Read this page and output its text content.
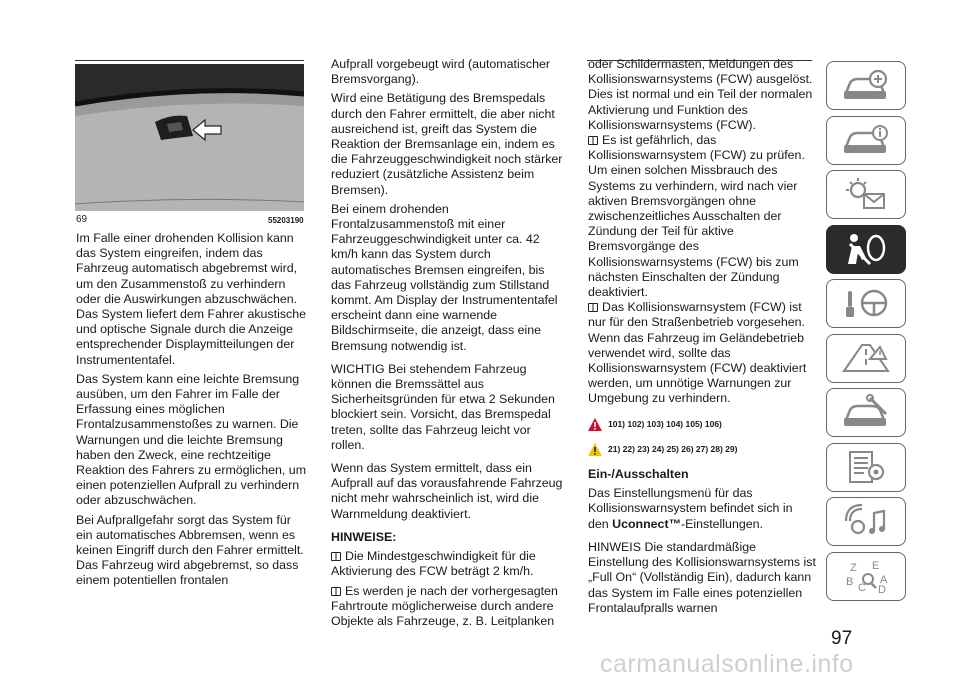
69	55203190

Im Falle einer drohenden Kollision kann das System eingreifen, indem das Fahrzeug automatisch abgebremst wird, um den Zusammenstoß zu verhindern oder die Auswirkungen abzuschwächen. Das System liefert dem Fahrer akustische und optische Signale durch die Anzeige entsprechender Displaymitteilungen der Instrumententafel.

Das System kann eine leichte Bremsung ausüben, um den Fahrer im Falle der Erfassung eines möglichen Frontalzusammenstoßes zu warnen. Die Warnungen und die leichte Bremsung haben den Zweck, eine rechtzeitige Reaktion des Fahrers zu ermöglichen, um einen potenziellen Aufprall zu verhindern oder abzuschwächen.

Bei Aufprallgefahr sorgt das System für ein automatisches Abbremsen, wenn es keinen Eingriff durch den Fahrer ermittelt. Das Fahrzeug wird abgebremst, so dass einem potentiellen frontalen

Aufprall vorgebeugt wird (automatischer Bremsvorgang).

Wird eine Betätigung des Bremspedals durch den Fahrer ermittelt, die aber nicht ausreichend ist, greift das System die Reaktion der Bremsanlage ein, indem es die Fahrzeuggeschwindigkeit noch stärker reduziert (zusätzliche Assistenz beim Bremsen).

Bei einem drohenden Frontalzusammenstoß mit einer Fahrzeuggeschwindigkeit unter ca. 42 km/h kann das System durch automatisches Bremsen eingreifen, bis das Fahrzeug vollständig zum Stillstand kommt. Am Display der Instrumententafel erscheint dann eine warnende Bildschirmseite, die anzeigt, dass eine Bremsung notwendig ist.

WICHTIG Bei stehendem Fahrzeug können die Bremssättel aus Sicherheitsgründen für etwa 2 Sekunden blockiert sein. Vorsicht, das Bremspedal treten, sollte das Fahrzeug leicht vor rollen.

Wenn das System ermittelt, dass ein Aufprall auf das vorausfahrende Fahrzeug nicht mehr wahrscheinlich ist, wird die Warnmeldung deaktiviert.

HINWEISE:

Die Mindestgeschwindigkeit für die Aktivierung des FCW beträgt 2 km/h.

Es werden je nach der vorhergesagten Fahrtroute möglicherweise durch andere Objekte als Fahrzeuge, z. B. Leitplanken

oder Schildermasten, Meldungen des Kollisionswarnsystems (FCW) ausgelöst. Dies ist normal und ein Teil der normalen Aktivierung und Funktion des Kollisionswarnsystems (FCW).

Es ist gefährlich, das Kollisionswarnsystem (FCW) zu prüfen. Um einen solchen Missbrauch des Systems zu verhindern, wird nach vier aktiven Bremsvorgängen ohne zwischenzeitliches Ausschalten der Zündung der Teil für aktive Bremsvorgänge des Kollisionswarnsystems (FCW) bis zum nächsten Einschalten der Zündung deaktiviert.

Das Kollisionswarnsystem (FCW) ist nur für den Straßenbetrieb vorgesehen. Wenn das Fahrzeug im Geländebetrieb verwendet wird, sollte das Kollisionswarnsystem (FCW) deaktiviert werden, um unnötige Warnungen zur Umgebung zu verhindern.

101) 102) 103) 104) 105) 106)
21) 22) 23) 24) 25) 26) 27) 28) 29)

Ein-/Ausschalten

Das Einstellungsmenü für das Kollisionswarnsystem befindet sich in den Uconnect™-Einstellungen.

HINWEIS Die standardmäßige Einstellung des Kollisionswarnsystems ist „Full On“ (Vollständig Ein), dadurch kann das System im Falle eines potenziellen Frontalaufpralls warnen

Z E
B C
A
D
97
carmanualsonline.info
